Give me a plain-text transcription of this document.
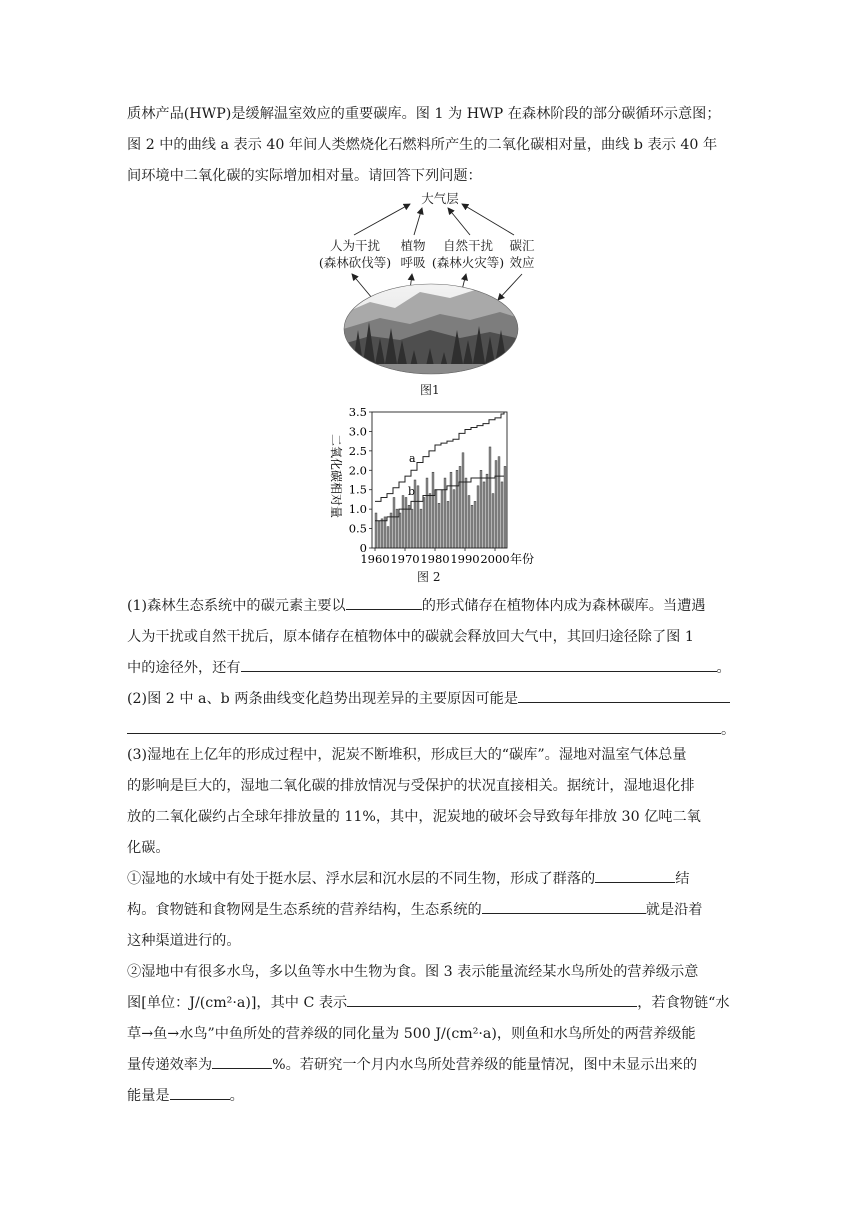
质林产品(HWP)是缓解温室效应的重要碳库。图 1 为 HWP 在森林阶段的部分碳循环示意图；
图 2 中的曲线 a 表示 40 年间人类燃烧化石燃料所产生的二氧化碳相对量，曲线 b 表示 40 年
间环境中二氧化碳的实际增加相对量。请回答下列问题：
大气层
人为干扰
(森林砍伐等)
植物
呼吸
自然干扰
(森林火灾等)
碳汇
效应
图1
二氧化碳相对量
0
0.5
1.0
1.5
2.0
2.5
3.0
3.5
1960 1970 1980 1990 2000
a
b
年份
图 2
(1)森林生态系统中的碳元素主要以	的形式储存在植物体内成为森林碳库。当遭遇
人为干扰或自然干扰后，原本储存在植物体中的碳就会释放回大气中，其回归途径除了图 1
中的途径外，还有	。
(2)图 2 中 a、b 两条曲线变化趋势出现差异的主要原因可能是
。
(3)湿地在上亿年的形成过程中，泥炭不断堆积，形成巨大的“碳库”。湿地对温室气体总量
的影响是巨大的，湿地二氧化碳的排放情况与受保护的状况直接相关。据统计，湿地退化排
放的二氧化碳约占全球年排放量的 11%，其中，泥炭地的破坏会导致每年排放 30 亿吨二氧
化碳。
①湿地的水域中有处于挺水层、浮水层和沉水层的不同生物，形成了群落的	结
构。食物链和食物网是生态系统的营养结构，生态系统的	就是沿着
这种渠道进行的。
②湿地中有很多水鸟，多以鱼等水中生物为食。图 3 表示能量流经某水鸟所处的营养级示意
图[单位：J/(cm²·a)]，其中 C 表示	，若食物链“水
草→鱼→水鸟”中鱼所处的营养级的同化量为 500 J/(cm²·a)，则鱼和水鸟所处的两营养级能
量传递效率为	%。若研究一个月内水鸟所处营养级的能量情况，图中未显示出来的
能量是	。
